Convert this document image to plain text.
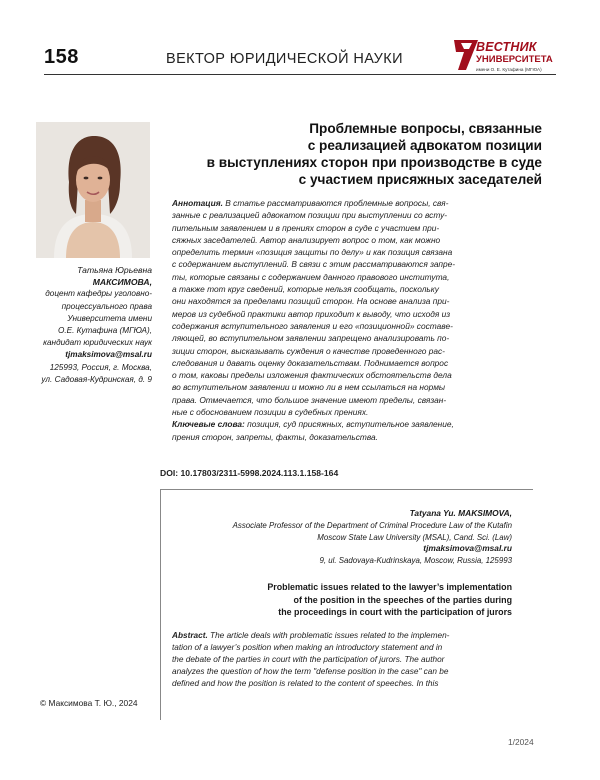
158	ВЕКТОР ЮРИДИЧЕСКОЙ НАУКИ
ВЕСТНИК
УНИВЕРСИТЕТА
имени О. Е. Кутафина (МГЮА)
Проблемные вопросы, связанные
с реализацией адвокатом позиции
в выступлениях сторон при производстве в суде
с участием присяжных заседателей
Татьяна Юрьевна
МАКСИМОВА,
доцент кафедры уголовно-
процессуального права
Университета имени
О.Е. Кутафина (МГЮА),
кандидат юридических наук
tjmaksimova@msal.ru
125993, Россия, г. Москва,
ул. Садовая-Кудринская, д. 9
Аннотация. В статье рассматриваются проблемные вопросы, свя-
занные с реализацией адвокатом позиции при выступлении со всту-
пительным заявлением и в прениях сторон в суде с участием при-
сяжных заседателей. Автор анализирует вопрос о том, как можно
определить термин «позиция защиты по делу» и как позиция связана
с содержанием выступлений. В связи с этим рассматриваются запре-
ты, которые связаны с содержанием данного правового института,
а также тот круг сведений, которые нельзя сообщать, поскольку
они находятся за пределами позиций сторон. На основе анализа при-
меров из судебной практики автор приходит к выводу, что исходя из
содержания вступительного заявления и его «позиционной» составе-
ляющей, во вступительном заявлении запрещено анализировать по-
зиции сторон, высказывать суждения о качестве проведенного рас-
следования и давать оценку доказательствам. Поднимается вопрос
о том, каковы пределы изложения фактических обстоятельств дела
во вступительном заявлении и можно ли в нем ссылаться на нормы
права. Отмечается, что большое значение имеют пределы, связан-
ные с обоснованием позиции в судебных прениях.
Ключевые слова: позиция, суд присяжных, вступительное заявление,
прения сторон, запреты, факты, доказательства.
DOI: 10.17803/2311-5998.2024.113.1.158-164
Tatyana Yu. MAKSIMOVA,
Associate Professor of the Department of Criminal Procedure Law of the Kutafin
Moscow State Law University (MSAL), Cand. Sci. (Law)
tjmaksimova@msal.ru
9, ul. Sadovaya-Kudrinskaya, Moscow, Russia, 125993
Problematic issues related to the lawyer’s implementation
of the position in the speeches of the parties during
the proceedings in court with the participation of jurors
Abstract. The article deals with problematic issues related to the implemen-
tation of a lawyer’s position when making an introductory statement and in
the debate of the parties in court with the participation of jurors. The author
analyzes the question of how the term "defense position in the case" can be
defined and how the position is related to the content of speeches. In this
© Максимова Т. Ю., 2024
1/2024
